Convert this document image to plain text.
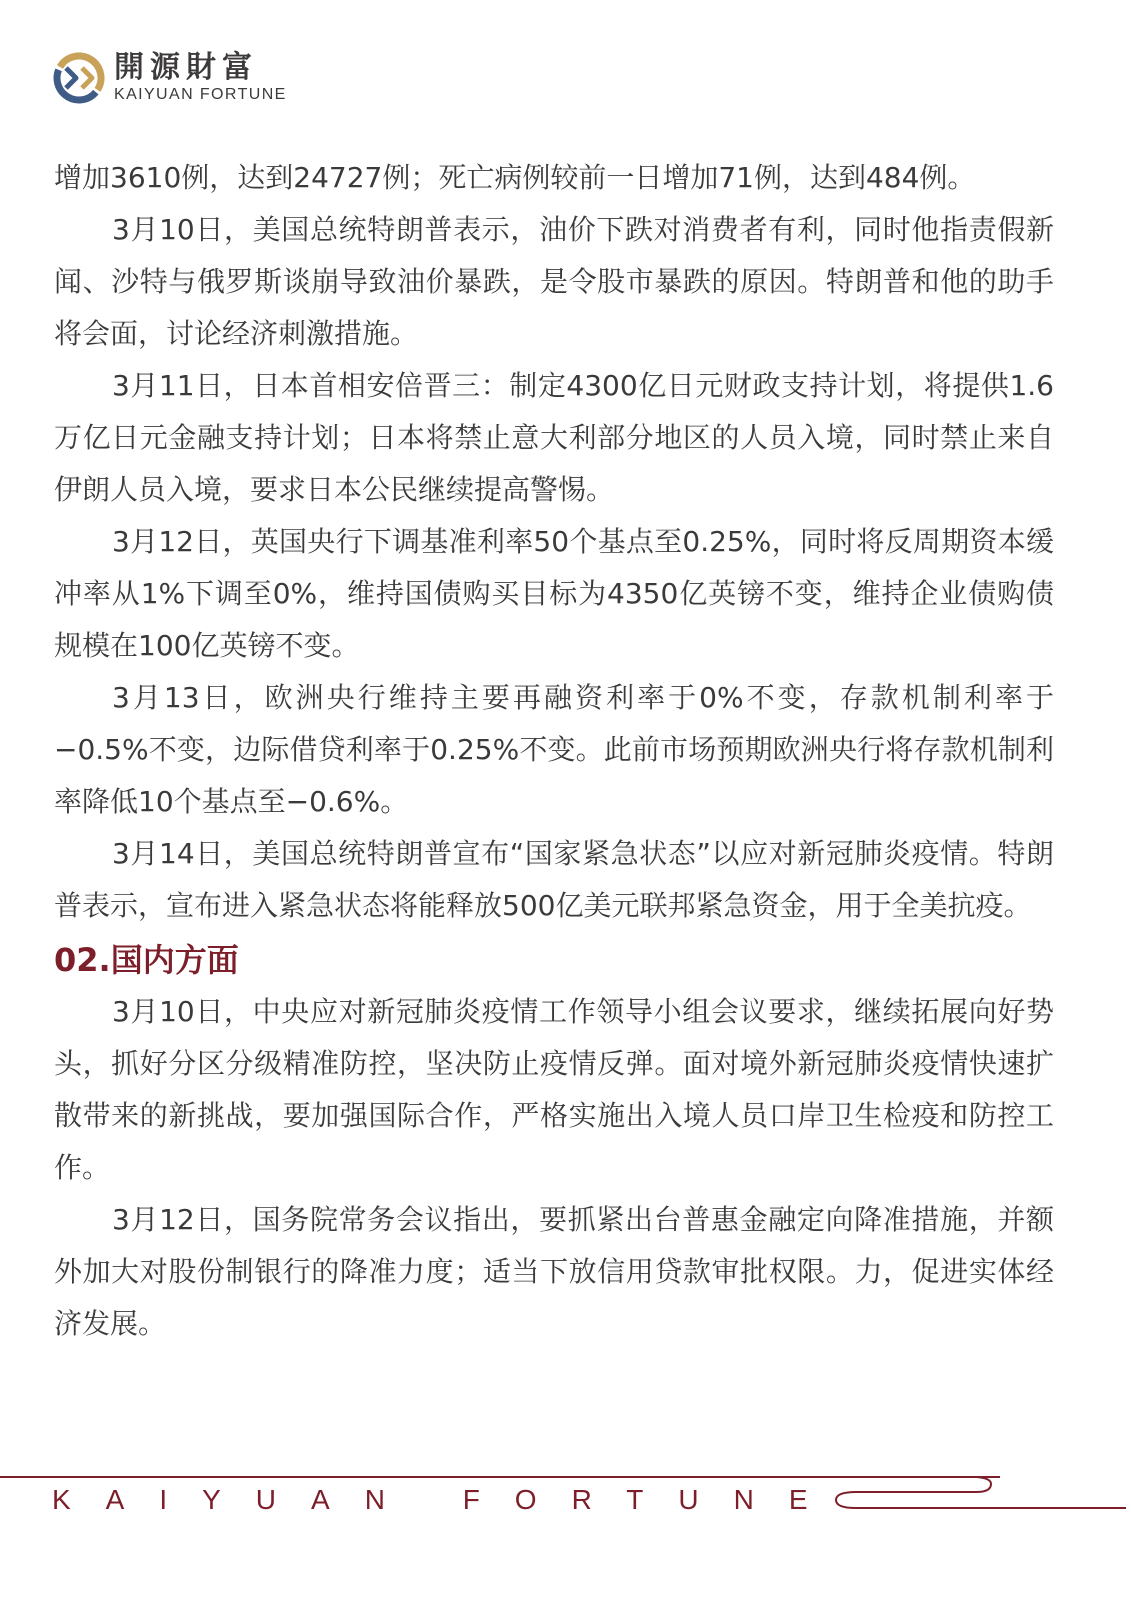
開源財富
KAIYUAN FORTUNE

增加3610例，达到24727例；死亡病例较前一日增加71例，达到484例。

3月10日，美国总统特朗普表示，油价下跌对消费者有利，同时他指责假新闻、沙特与俄罗斯谈崩导致油价暴跌，是令股市暴跌的原因。特朗普和他的助手将会面，讨论经济刺激措施。

3月11日，日本首相安倍晋三：制定4300亿日元财政支持计划，将提供1.6万亿日元金融支持计划；日本将禁止意大利部分地区的人员入境，同时禁止来自伊朗人员入境，要求日本公民继续提高警惕。

3月12日，英国央行下调基准利率50个基点至0.25%，同时将反周期资本缓冲率从1%下调至0%，维持国债购买目标为4350亿英镑不变，维持企业债购债规模在100亿英镑不变。

3月13日，欧洲央行维持主要再融资利率于0%不变，存款机制利率于−0.5%不变，边际借贷利率于0.25%不变。此前市场预期欧洲央行将存款机制利率降低10个基点至−0.6%。

3月14日，美国总统特朗普宣布“国家紧急状态”以应对新冠肺炎疫情。特朗普表示，宣布进入紧急状态将能释放500亿美元联邦紧急资金，用于全美抗疫。

02.国内方面

3月10日，中央应对新冠肺炎疫情工作领导小组会议要求，继续拓展向好势头，抓好分区分级精准防控，坚决防止疫情反弹。面对境外新冠肺炎疫情快速扩散带来的新挑战，要加强国际合作，严格实施出入境人员口岸卫生检疫和防控工作。

3月12日，国务院常务会议指出，要抓紧出台普惠金融定向降准措施，并额外加大对股份制银行的降准力度；适当下放信用贷款审批权限。力，促进实体经济发展。

KAIYUAN FORTUNE
